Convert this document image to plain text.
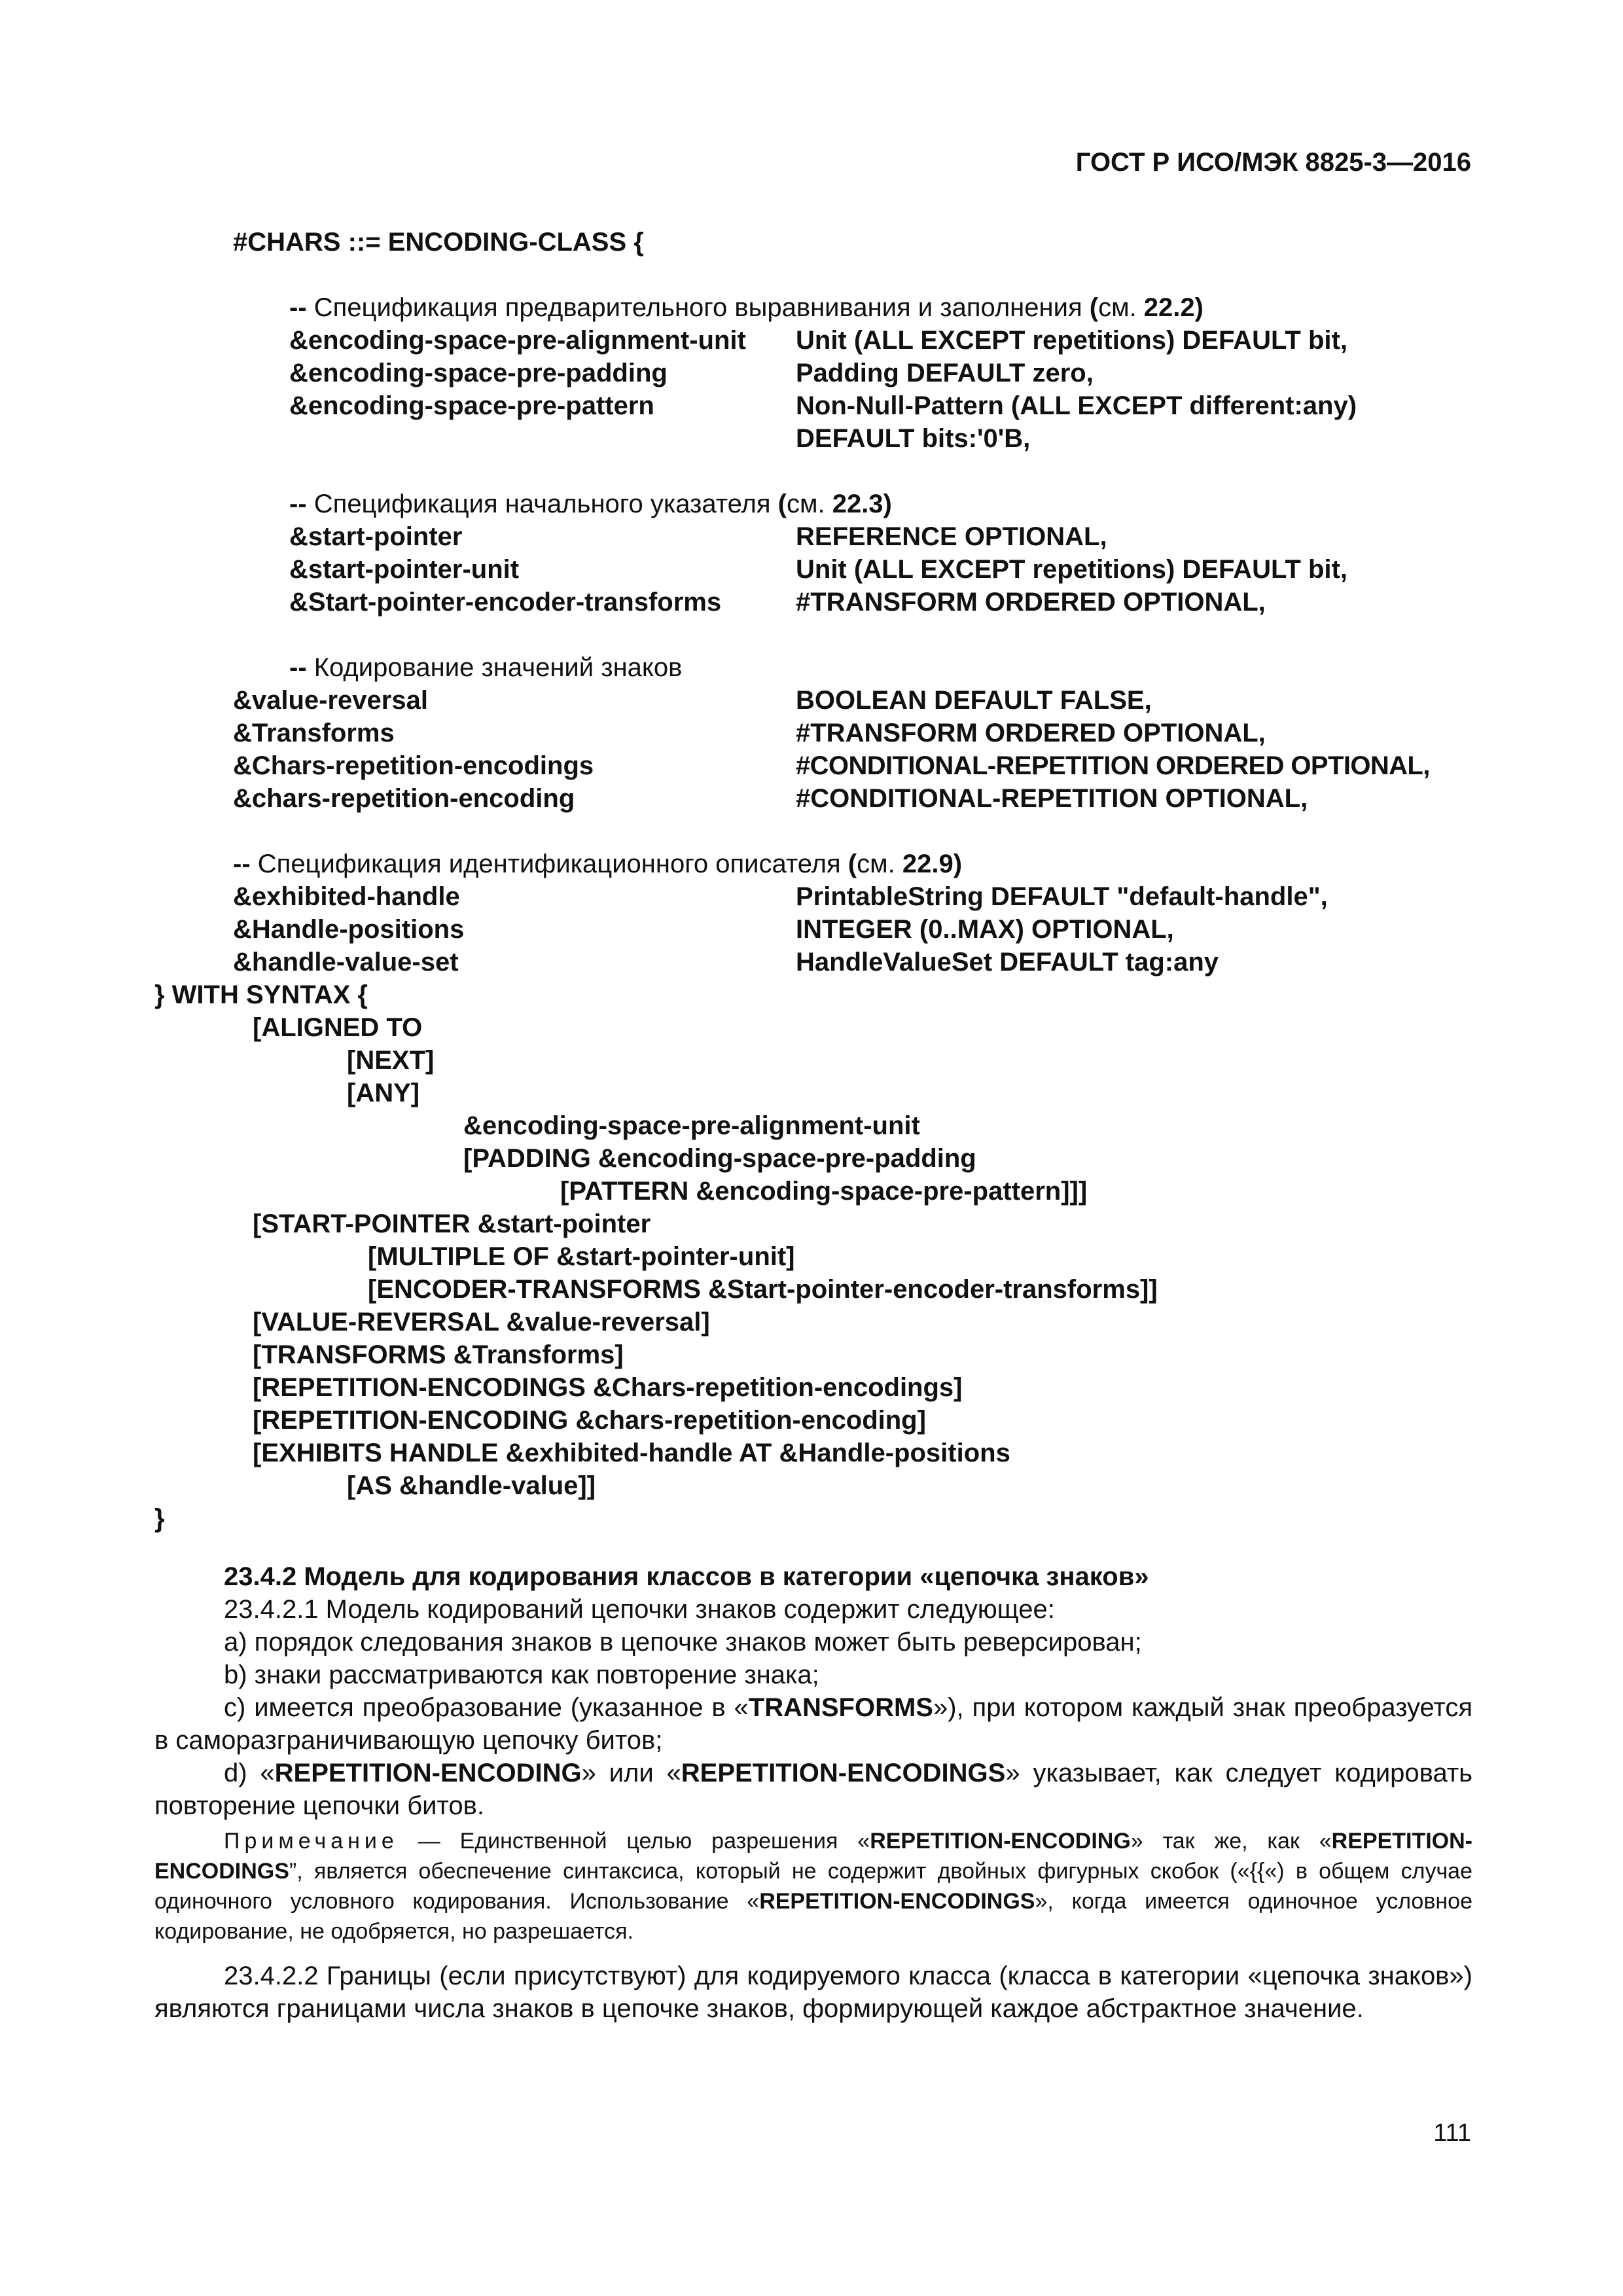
ГОСТ Р ИСО/МЭК 8825-3—2016
#CHARS ::= ENCODING-CLASS {
-- Спецификация предварительного выравнивания и заполнения (см. 22.2)
&encoding-space-pre-alignment-unit Unit (ALL EXCEPT repetitions) DEFAULT bit,
&encoding-space-pre-padding	Padding DEFAULT zero,
&encoding-space-pre-pattern	Non-Null-Pattern (ALL EXCEPT different:any)
DEFAULT bits:'0'B,
-- Спецификация начального указателя (см. 22.3)
&start-pointer	REFERENCE OPTIONAL,
&start-pointer-unit	Unit (ALL EXCEPT repetitions) DEFAULT bit,
&Start-pointer-encoder-transforms	#TRANSFORM ORDERED OPTIONAL,
-- Кодирование значений знаков
&value-reversal	BOOLEAN DEFAULT FALSE,
&Transforms	#TRANSFORM ORDERED OPTIONAL,
&Chars-repetition-encodings	#CONDITIONAL-REPETITION ORDERED OPTIONAL,
&chars-repetition-encoding	#CONDITIONAL-REPETITION OPTIONAL,
-- Спецификация идентификационного описателя (см. 22.9)
&exhibited-handle	PrintableString DEFAULT "default-handle",
&Handle-positions	INTEGER (0..MAX) OPTIONAL,
&handle-value-set	HandleValueSet DEFAULT tag:any
} WITH SYNTAX {
[ALIGNED TO
[NEXT]
[ANY]
&encoding-space-pre-alignment-unit
[PADDING &encoding-space-pre-padding
[PATTERN &encoding-space-pre-pattern]]]
[START-POINTER &start-pointer
[MULTIPLE OF &start-pointer-unit]
[ENCODER-TRANSFORMS &Start-pointer-encoder-transforms]]
[VALUE-REVERSAL &value-reversal]
[TRANSFORMS &Transforms]
[REPETITION-ENCODINGS &Chars-repetition-encodings]
[REPETITION-ENCODING &chars-repetition-encoding]
[EXHIBITS HANDLE &exhibited-handle AT &Handle-positions
[AS &handle-value]]
}

23.4.2 Модель для кодирования классов в категории «цепочка знаков»

23.4.2.1 Модель кодирований цепочки знаков содержит следующее:

a) порядок следования знаков в цепочке знаков может быть реверсирован;

b) знаки рассматриваются как повторение знака;

c) имеется преобразование (указанное в «TRANSFORMS»), при котором каждый знак преобразуется в саморазграничивающую цепочку битов;

d) «REPETITION-ENCODING» или «REPETITION-ENCODINGS» указывает, как следует кодировать повторение цепочки битов.

Примечание — Единственной целью разрешения «REPETITION-ENCODING» так же, как «REPETITION-ENCODINGS”, является обеспечение синтаксиса, который не содержит двойных фигурных скобок («{{«) в общем случае одиночного условного кодирования. Использование «REPETITION-ENCODINGS», когда имеется одиночное условное кодирование, не одобряется, но разрешается.
23.4.2.2 Границы (если присутствуют) для кодируемого класса (класса в категории «цепочка знаков») являются границами числа знаков в цепочке знаков, формирующей каждое абстрактное значение.
111
